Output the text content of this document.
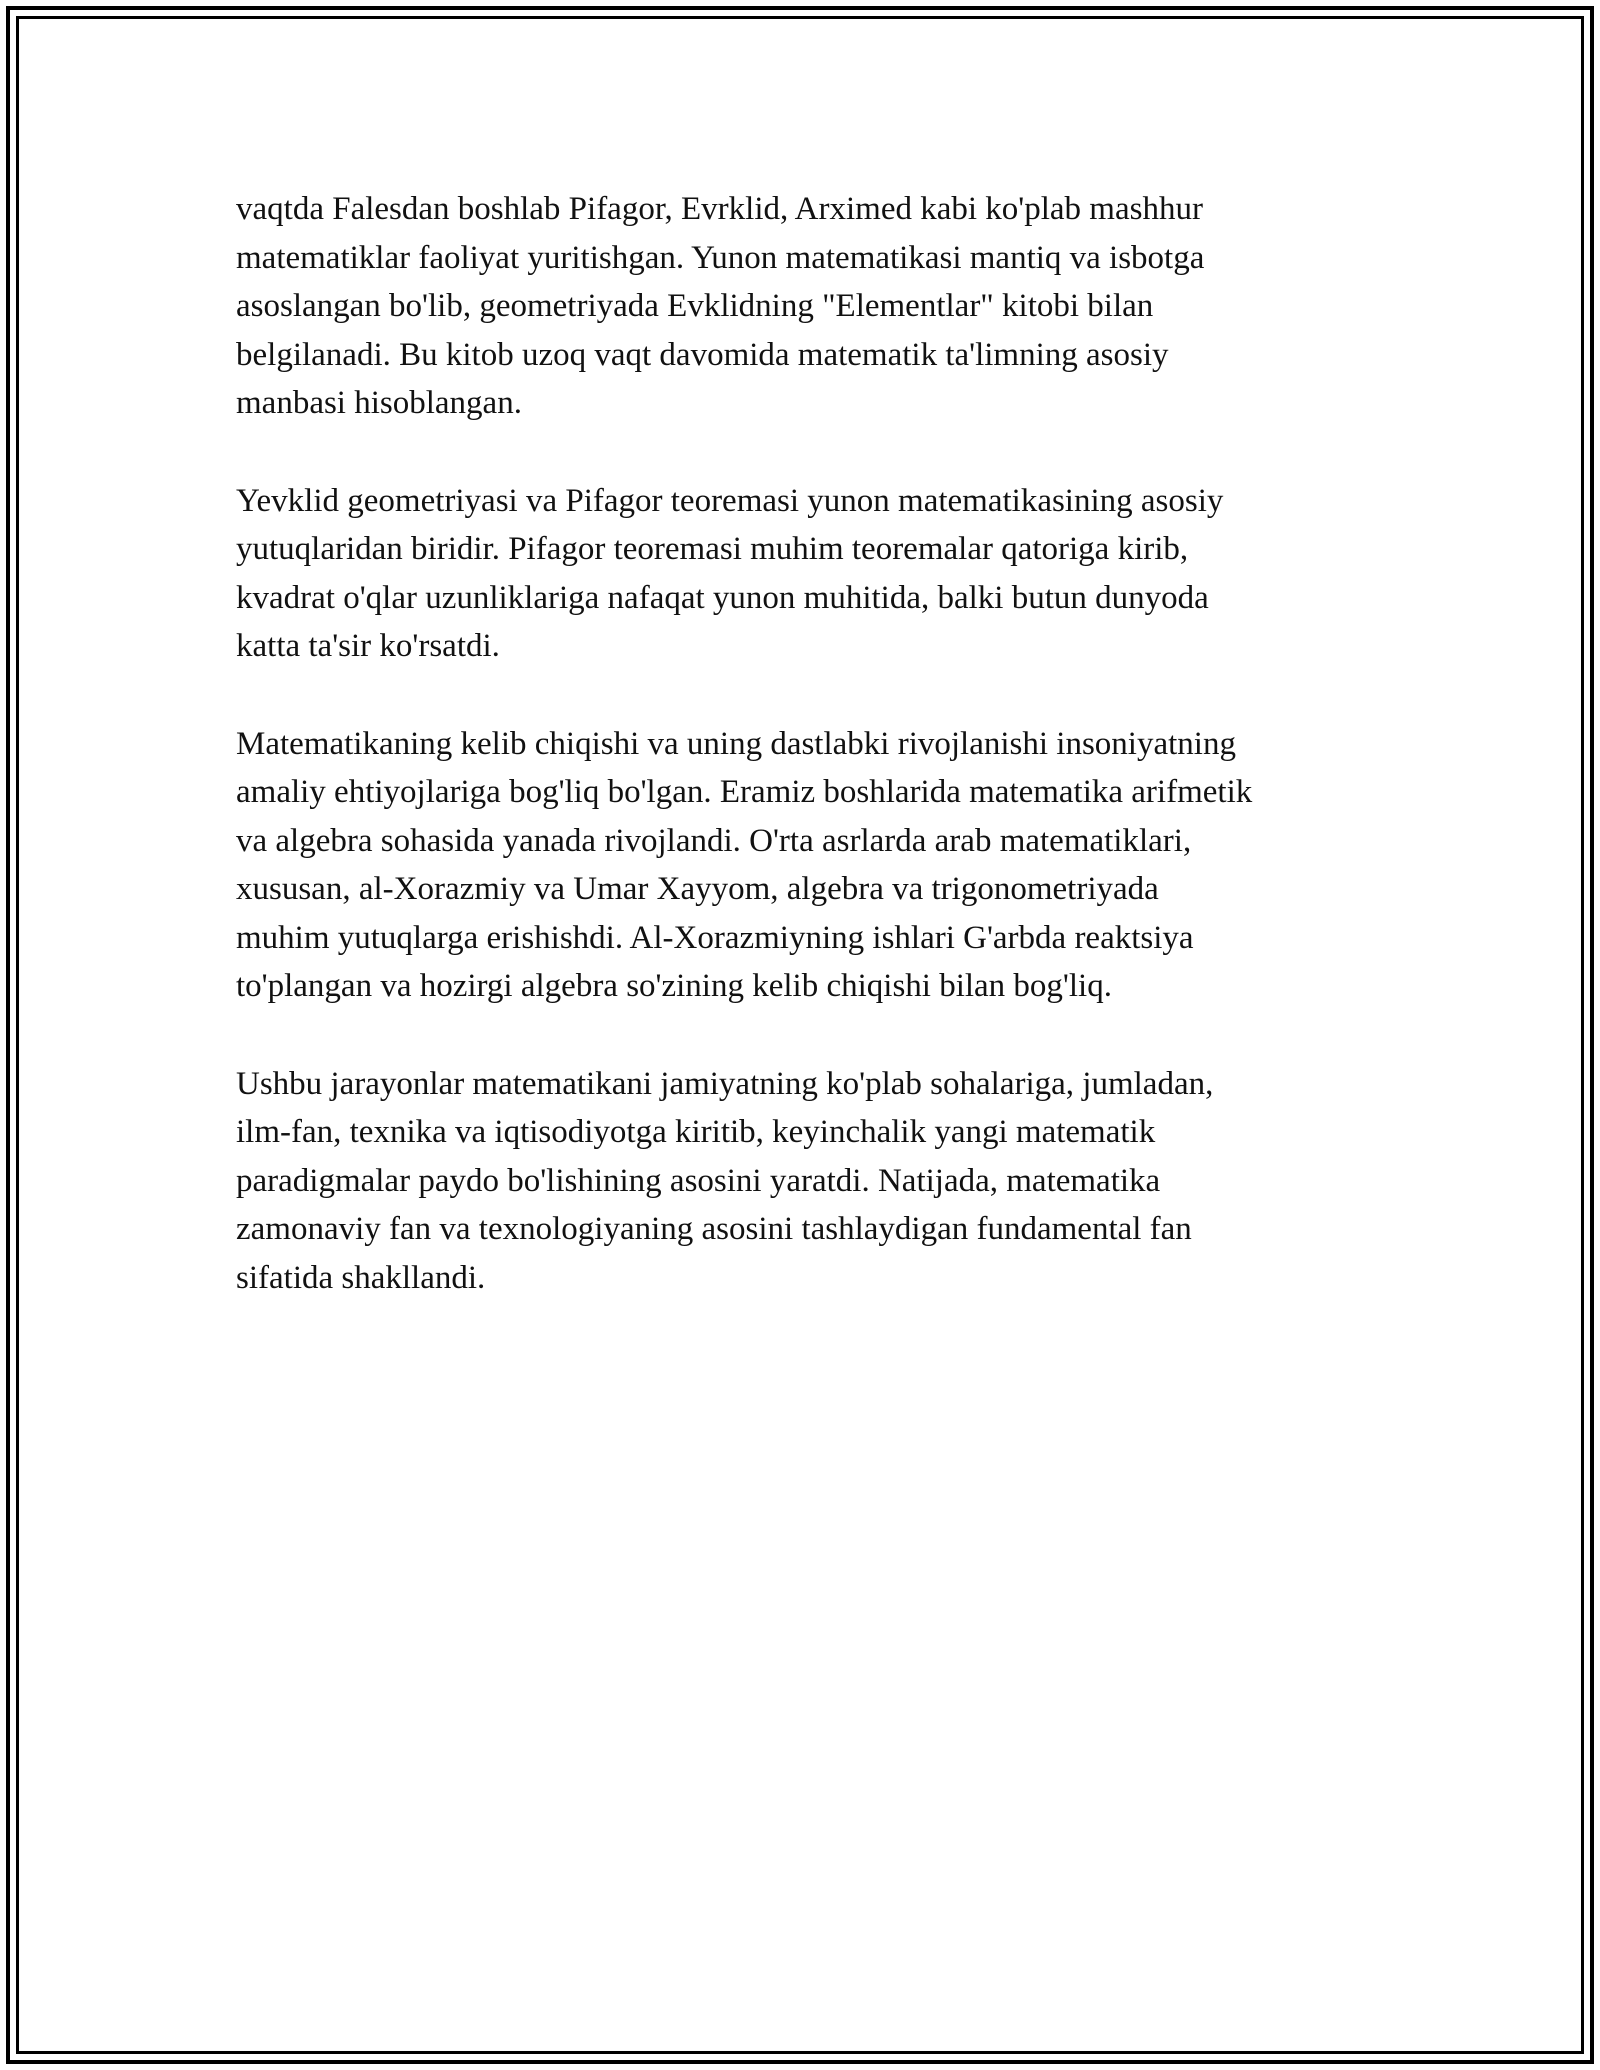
vaqtda Falesdan boshlab Pifagor, Evrklid, Arximed kabi ko'plab mashhur
matematiklar faoliyat yuritishgan. Yunon matematikasi mantiq va isbotga
asoslangan bo'lib, geometriyada Evklidning "Elementlar" kitobi bilan
belgilanadi. Bu kitob uzoq vaqt davomida matematik ta'limning asosiy
manbasi hisoblangan.

Yevklid geometriyasi va Pifagor teoremasi yunon matematikasining asosiy
yutuqlaridan biridir. Pifagor teoremasi muhim teoremalar qatoriga kirib,
kvadrat o'qlar uzunliklariga nafaqat yunon muhitida, balki butun dunyoda
katta ta'sir ko'rsatdi.

Matematikaning kelib chiqishi va uning dastlabki rivojlanishi insoniyatning
amaliy ehtiyojlariga bog'liq bo'lgan. Eramiz boshlarida matematika arifmetik
va algebra sohasida yanada rivojlandi. O'rta asrlarda arab matematiklari,
xususan, al-Xorazmiy va Umar Xayyom, algebra va trigonometriyada
muhim yutuqlarga erishishdi. Al-Xorazmiyning ishlari G'arbda reaktsiya
to'plangan va hozirgi algebra so'zining kelib chiqishi bilan bog'liq.

Ushbu jarayonlar matematikani jamiyatning ko'plab sohalariga, jumladan,
ilm-fan, texnika va iqtisodiyotga kiritib, keyinchalik yangi matematik
paradigmalar paydo bo'lishining asosini yaratdi. Natijada, matematika
zamonaviy fan va texnologiyaning asosini tashlaydigan fundamental fan
sifatida shakllandi.
